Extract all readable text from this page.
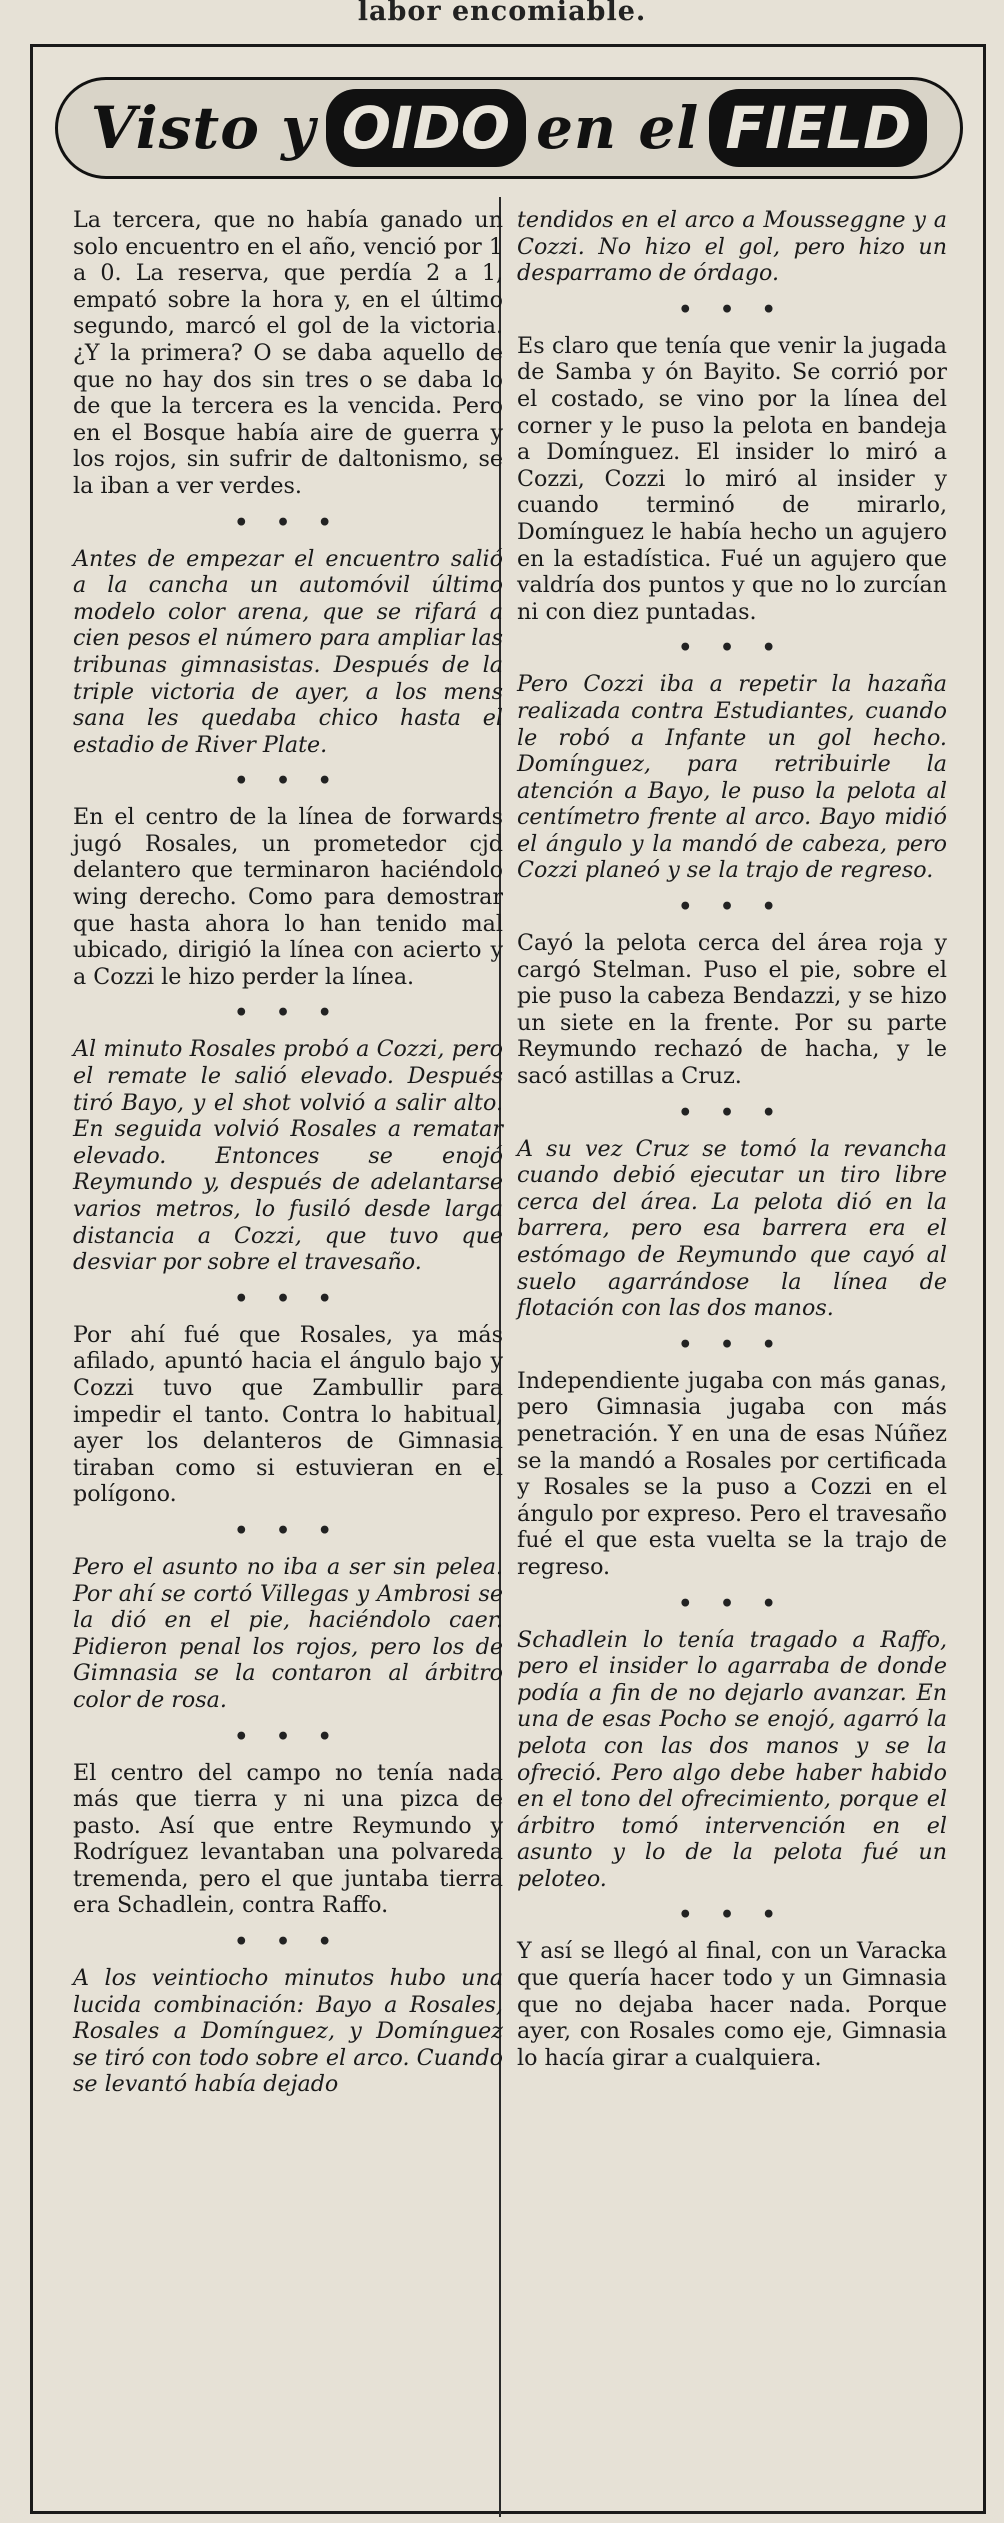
labor encomiable.
Visto y OIDO en el FIELD

La tercera, que no había ganado un solo encuentro en el año, venció por 1 a 0. La reserva, que perdía 2 a 1, empató sobre la hora y, en el último segundo, marcó el gol de la victoria. ¿Y la primera? O se daba aquello de que no hay dos sin tres o se daba lo de que la tercera es la vencida. Pero en el Bosque había aire de guerra y los rojos, sin sufrir de daltonismo, se la iban a ver verdes.

• • •

Antes de empezar el encuentro salió a la cancha un automóvil último modelo color arena, que se rifará a cien pesos el número para ampliar las tribunas gimnasistas. Después de la triple victoria de ayer, a los mens sana les quedaba chico hasta el estadio de River Plate.

• • •

En el centro de la línea de forwards jugó Rosales, un prometedor cjd delantero que terminaron haciéndolo wing derecho. Como para demostrar que hasta ahora lo han tenido mal ubicado, dirigió la línea con acierto y a Cozzi le hizo perder la línea.

• • •

Al minuto Rosales probó a Cozzi, pero el remate le salió elevado. Después tiró Bayo, y el shot volvió a salir alto. En seguida volvió Rosales a rematar elevado. Entonces se enojó Reymundo y, después de adelantarse varios metros, lo fusiló desde larga distancia a Cozzi, que tuvo que desviar por sobre el travesaño.

• • •

Por ahí fué que Rosales, ya más afilado, apuntó hacia el ángulo bajo y Cozzi tuvo que Zambullir para impedir el tanto. Contra lo habitual, ayer los delanteros de Gimnasia tiraban como si estuvieran en el polígono.

• • •

Pero el asunto no iba a ser sin pelea. Por ahí se cortó Villegas y Ambrosi se la dió en el pie, haciéndolo caer. Pidieron penal los rojos, pero los de Gimnasia se la contaron al árbitro color de rosa.

• • •

El centro del campo no tenía nada más que tierra y ni una pizca de pasto. Así que entre Reymundo y Rodríguez levantaban una polvareda tremenda, pero el que juntaba tierra era Schadlein, contra Raffo.

• • •

A los veintiocho minutos hubo una lucida combinación: Bayo a Rosales, Rosales a Domínguez, y Domínguez se tiró con todo sobre el arco. Cuando se levantó había dejado

tendidos en el arco a Mousseggne y a Cozzi. No hizo el gol, pero hizo un desparramo de órdago.

• • •

Es claro que tenía que venir la jugada de Samba y ón Bayito. Se corrió por el costado, se vino por la línea del corner y le puso la pelota en bandeja a Domínguez. El insider lo miró a Cozzi, Cozzi lo miró al insider y cuando terminó de mirarlo, Domínguez le había hecho un agujero en la estadística. Fué un agujero que valdría dos puntos y que no lo zurcían ni con diez puntadas.

• • •

Pero Cozzi iba a repetir la hazaña realizada contra Estudiantes, cuando le robó a Infante un gol hecho. Domínguez, para retribuirle la atención a Bayo, le puso la pelota al centímetro frente al arco. Bayo midió el ángulo y la mandó de cabeza, pero Cozzi planeó y se la trajo de regreso.

• • •

Cayó la pelota cerca del área roja y cargó Stelman. Puso el pie, sobre el pie puso la cabeza Bendazzi, y se hizo un siete en la frente. Por su parte Reymundo rechazó de hacha, y le sacó astillas a Cruz.

• • •

A su vez Cruz se tomó la revancha cuando debió ejecutar un tiro libre cerca del área. La pelota dió en la barrera, pero esa barrera era el estómago de Reymundo que cayó al suelo agarrándose la línea de flotación con las dos manos.

• • •

Independiente jugaba con más ganas, pero Gimnasia jugaba con más penetración. Y en una de esas Núñez se la mandó a Rosales por certificada y Rosales se la puso a Cozzi en el ángulo por expreso. Pero el travesaño fué el que esta vuelta se la trajo de regreso.

• • •

Schadlein lo tenía tragado a Raffo, pero el insider lo agarraba de donde podía a fin de no dejarlo avanzar. En una de esas Pocho se enojó, agarró la pelota con las dos manos y se la ofreció. Pero algo debe haber habido en el tono del ofrecimiento, porque el árbitro tomó intervención en el asunto y lo de la pelota fué un peloteo.

• • •

Y así se llegó al final, con un Varacka que quería hacer todo y un Gimnasia que no dejaba hacer nada. Porque ayer, con Rosales como eje, Gimnasia lo hacía girar a cualquiera.
